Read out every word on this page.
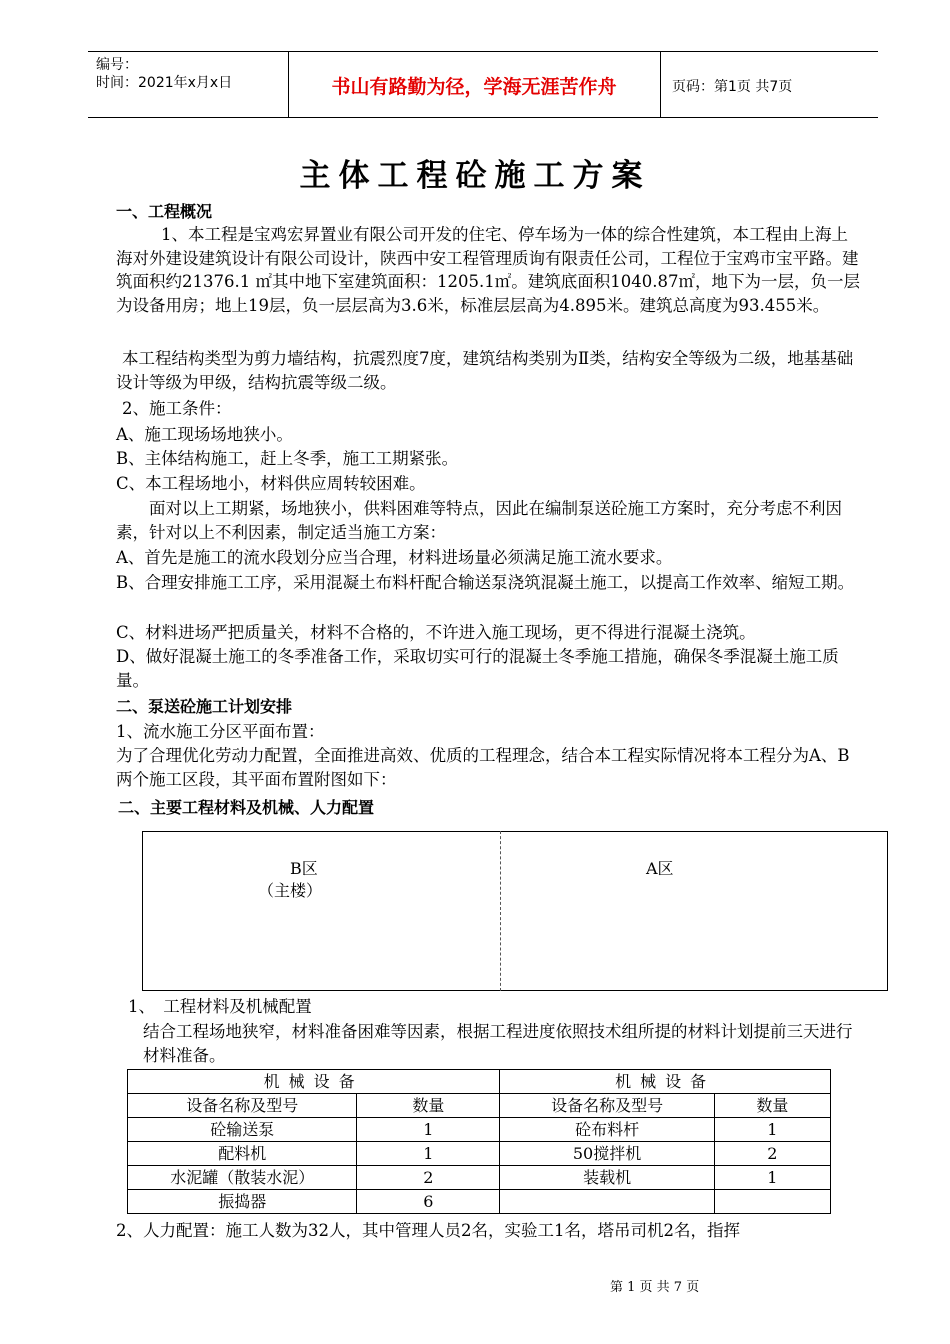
编号：
时间：2021年x月x日	书山有路勤为径，学海无涯苦作舟	页码：第1页 共7页
主体工程砼施工方案

一、工程概况

1、本工程是宝鸡宏昇置业有限公司开发的住宅、停车场为一体的综合性建筑，本工程由上海上海对外建设建筑设计有限公司设计，陕西中安工程管理质询有限责任公司，工程位于宝鸡市宝平路。建筑面积约21376.1 ㎡其中地下室建筑面积：1205.1㎡。建筑底面积1040.87㎡，地下为一层，负一层为设备用房；地上19层，负一层层高为3.6米，标准层层高为4.895米。建筑总高度为93.455米。

本工程结构类型为剪力墙结构，抗震烈度7度，建筑结构类别为Ⅱ类，结构安全等级为二级，地基基础设计等级为甲级，结构抗震等级二级。

2、施工条件：

A、施工现场场地狭小。

B、主体结构施工，赶上冬季，施工工期紧张。

C、本工程场地小，材料供应周转较困难。

面对以上工期紧，场地狭小，供料困难等特点，因此在编制泵送砼施工方案时，充分考虑不利因素，针对以上不利因素，制定适当施工方案：

A、首先是施工的流水段划分应当合理，材料进场量必须满足施工流水要求。

B、合理安排施工工序，采用混凝土布料杆配合输送泵浇筑混凝土施工，以提高工作效率、缩短工期。

C、材料进场严把质量关，材料不合格的，不许进入施工现场，更不得进行混凝土浇筑。

D、做好混凝土施工的冬季准备工作，采取切实可行的混凝土冬季施工措施，确保冬季混凝土施工质量。

二、泵送砼施工计划安排

1、流水施工分区平面布置：

为了合理优化劳动力配置，全面推进高效、优质的工程理念，结合本工程实际情况将本工程分为A、B两个施工区段，其平面布置附图如下：

二、主要工程材料及机械、人力配置

B区
（主楼）
A区

1、　工程材料及机械配置

结合工程场地狭窄，材料准备困难等因素，根据工程进度依照技术组所提的材料计划提前三天进行材料准备。

机械设备		机械设备	
设备名称及型号	数量	设备名称及型号	数量
砼输送泵	1	砼布料杆	1
配料机	1	50搅拌机	2
水泥罐（散装水泥）	2	装载机	1
振捣器	6		

2、人力配置：施工人数为32人，其中管理人员2名，实验工1名，塔吊司机2名，指挥

第 1 页 共 7 页
